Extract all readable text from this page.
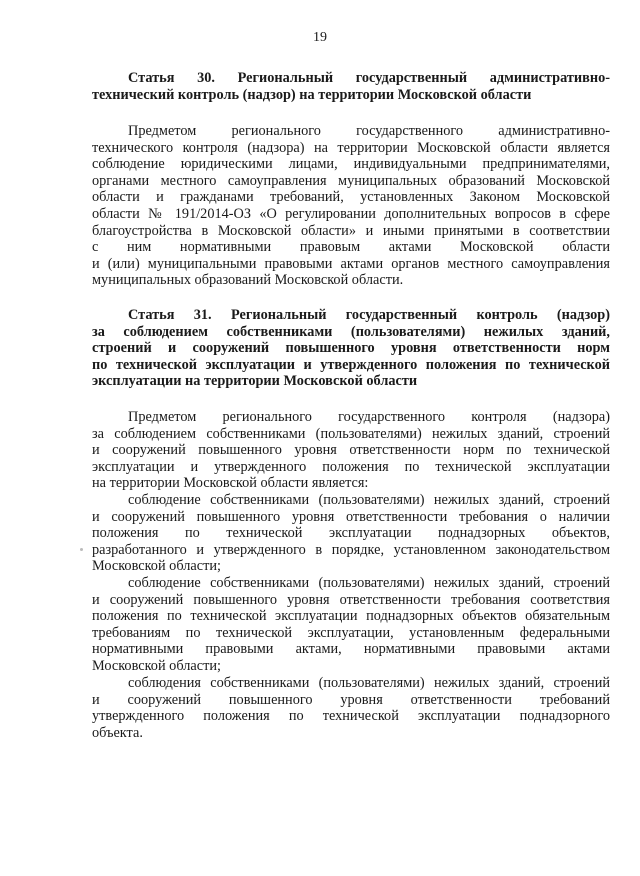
19
Статья 30. Региональный государственный административно-
технический контроль (надзор) на территории Московской области
Предметом регионального государственного административно-
технического контроля (надзора) на территории Московской области является
соблюдение юридическими лицами, индивидуальными предпринимателями,
органами местного самоуправления муниципальных образований Московской
области и гражданами требований, установленных Законом Московской
области № 191/2014-ОЗ «О регулировании дополнительных вопросов в сфере
благоустройства в Московской области» и иными принятыми в соответствии
с ним нормативными правовым актами Московской области
и (или) муниципальными правовыми актами органов местного самоуправления
муниципальных образований Московской области.
Статья 31. Региональный государственный контроль (надзор)
за соблюдением собственниками (пользователями) нежилых зданий,
строений и сооружений повышенного уровня ответственности норм
по технической эксплуатации и утвержденного положения по технической
эксплуатации на территории Московской области
Предметом регионального государственного контроля (надзора)
за соблюдением собственниками (пользователями) нежилых зданий, строений
и сооружений повышенного уровня ответственности норм по технической
эксплуатации и утвержденного положения по технической эксплуатации
на территории Московской области является:
соблюдение собственниками (пользователями) нежилых зданий, строений
и сооружений повышенного уровня ответственности требования о наличии
положения по технической эксплуатации поднадзорных объектов,
разработанного и утвержденного в порядке, установленном законодательством
Московской области;
соблюдение собственниками (пользователями) нежилых зданий, строений
и сооружений повышенного уровня ответственности требования соответствия
положения по технической эксплуатации поднадзорных объектов обязательным
требованиям по технической эксплуатации, установленным федеральными
нормативными правовыми актами, нормативными правовыми актами
Московской области;
соблюдения собственниками (пользователями) нежилых зданий, строений
и сооружений повышенного уровня ответственности требований
утвержденного положения по технической эксплуатации поднадзорного
объекта.
